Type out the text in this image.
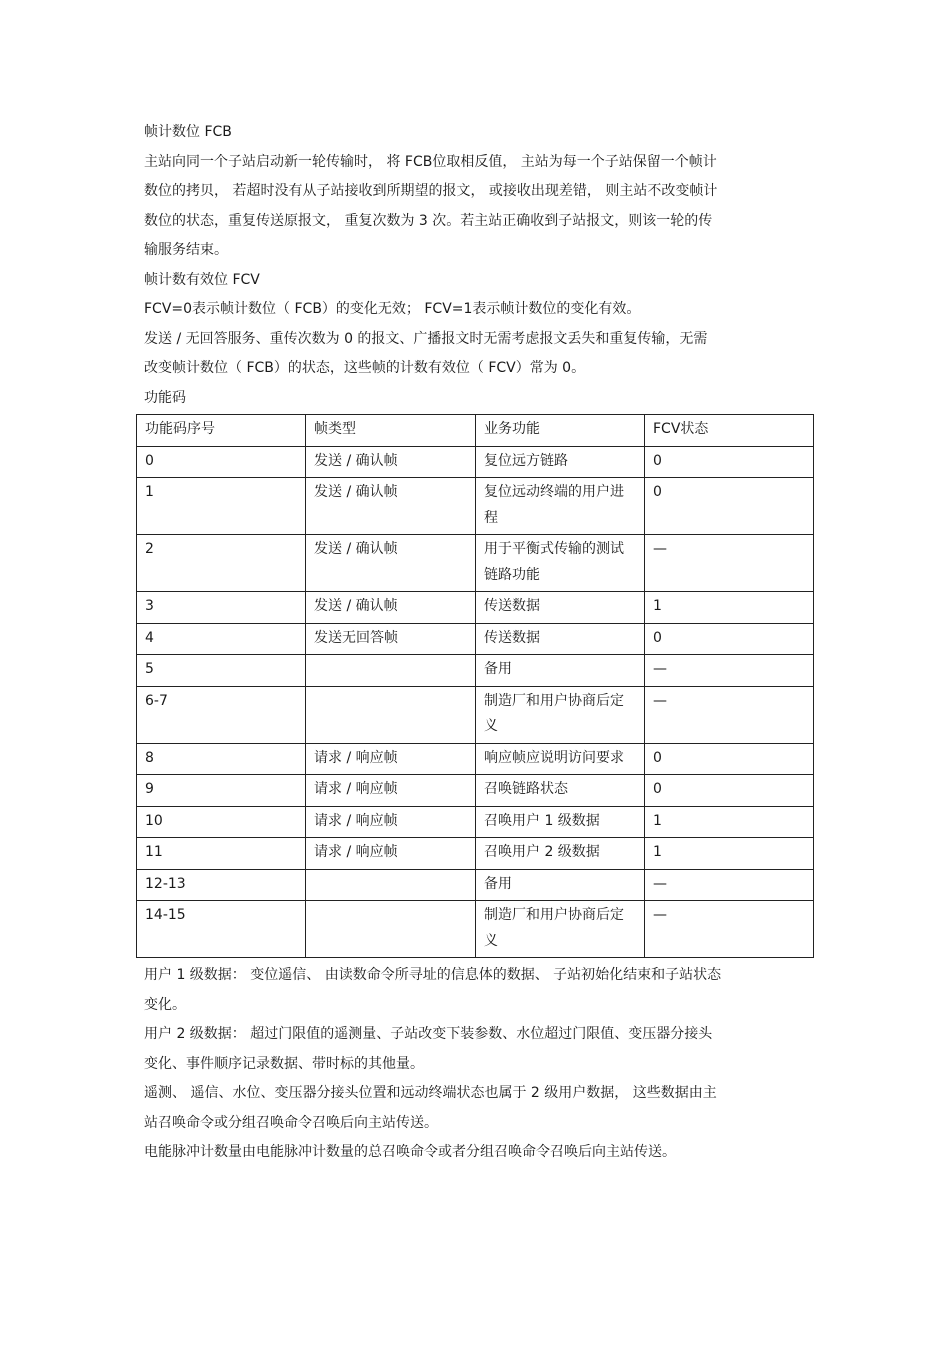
帧计数位 FCB

主站向同一个子站启动新一轮传输时， 将 FCB位取相反值， 主站为每一个子站保留一个帧计

数位的拷贝， 若超时没有从子站接收到所期望的报文， 或接收出现差错， 则主站不改变帧计

数位的状态，重复传送原报文， 重复次数为 3 次。若主站正确收到子站报文，则该一轮的传

输服务结束。

帧计数有效位 FCV

FCV=0表示帧计数位（ FCB）的变化无效； FCV=1表示帧计数位的变化有效。

发送 / 无回答服务、重传次数为 0 的报文、广播报文时无需考虑报文丢失和重复传输，无需

改变帧计数位（ FCB）的状态，这些帧的计数有效位（ FCV）常为 0。

功能码

功能码序号	帧类型	业务功能	FCV状态
0	发送 / 确认帧	复位远方链路	0
1	发送 / 确认帧	复位远动终端的用户进程	0
2	发送 / 确认帧	用于平衡式传输的测试链路功能	—
3	发送 / 确认帧	传送数据	1
4	发送无回答帧	传送数据	0
5		备用	—
6-7		制造厂和用户协商后定义	—
8	请求 / 响应帧	响应帧应说明访问要求	0
9	请求 / 响应帧	召唤链路状态	0
10	请求 / 响应帧	召唤用户 1 级数据	1
11	请求 / 响应帧	召唤用户 2 级数据	1
12-13		备用	—
14-15		制造厂和用户协商后定义	—

用户 1 级数据： 变位遥信、 由读数命令所寻址的信息体的数据、 子站初始化结束和子站状态

变化。

用户 2 级数据： 超过门限值的遥测量、子站改变下装参数、水位超过门限值、变压器分接头

变化、事件顺序记录数据、带时标的其他量。

遥测、 遥信、水位、变压器分接头位置和远动终端状态也属于 2 级用户数据， 这些数据由主

站召唤命令或分组召唤命令召唤后向主站传送。

电能脉冲计数量由电能脉冲计数量的总召唤命令或者分组召唤命令召唤后向主站传送。
